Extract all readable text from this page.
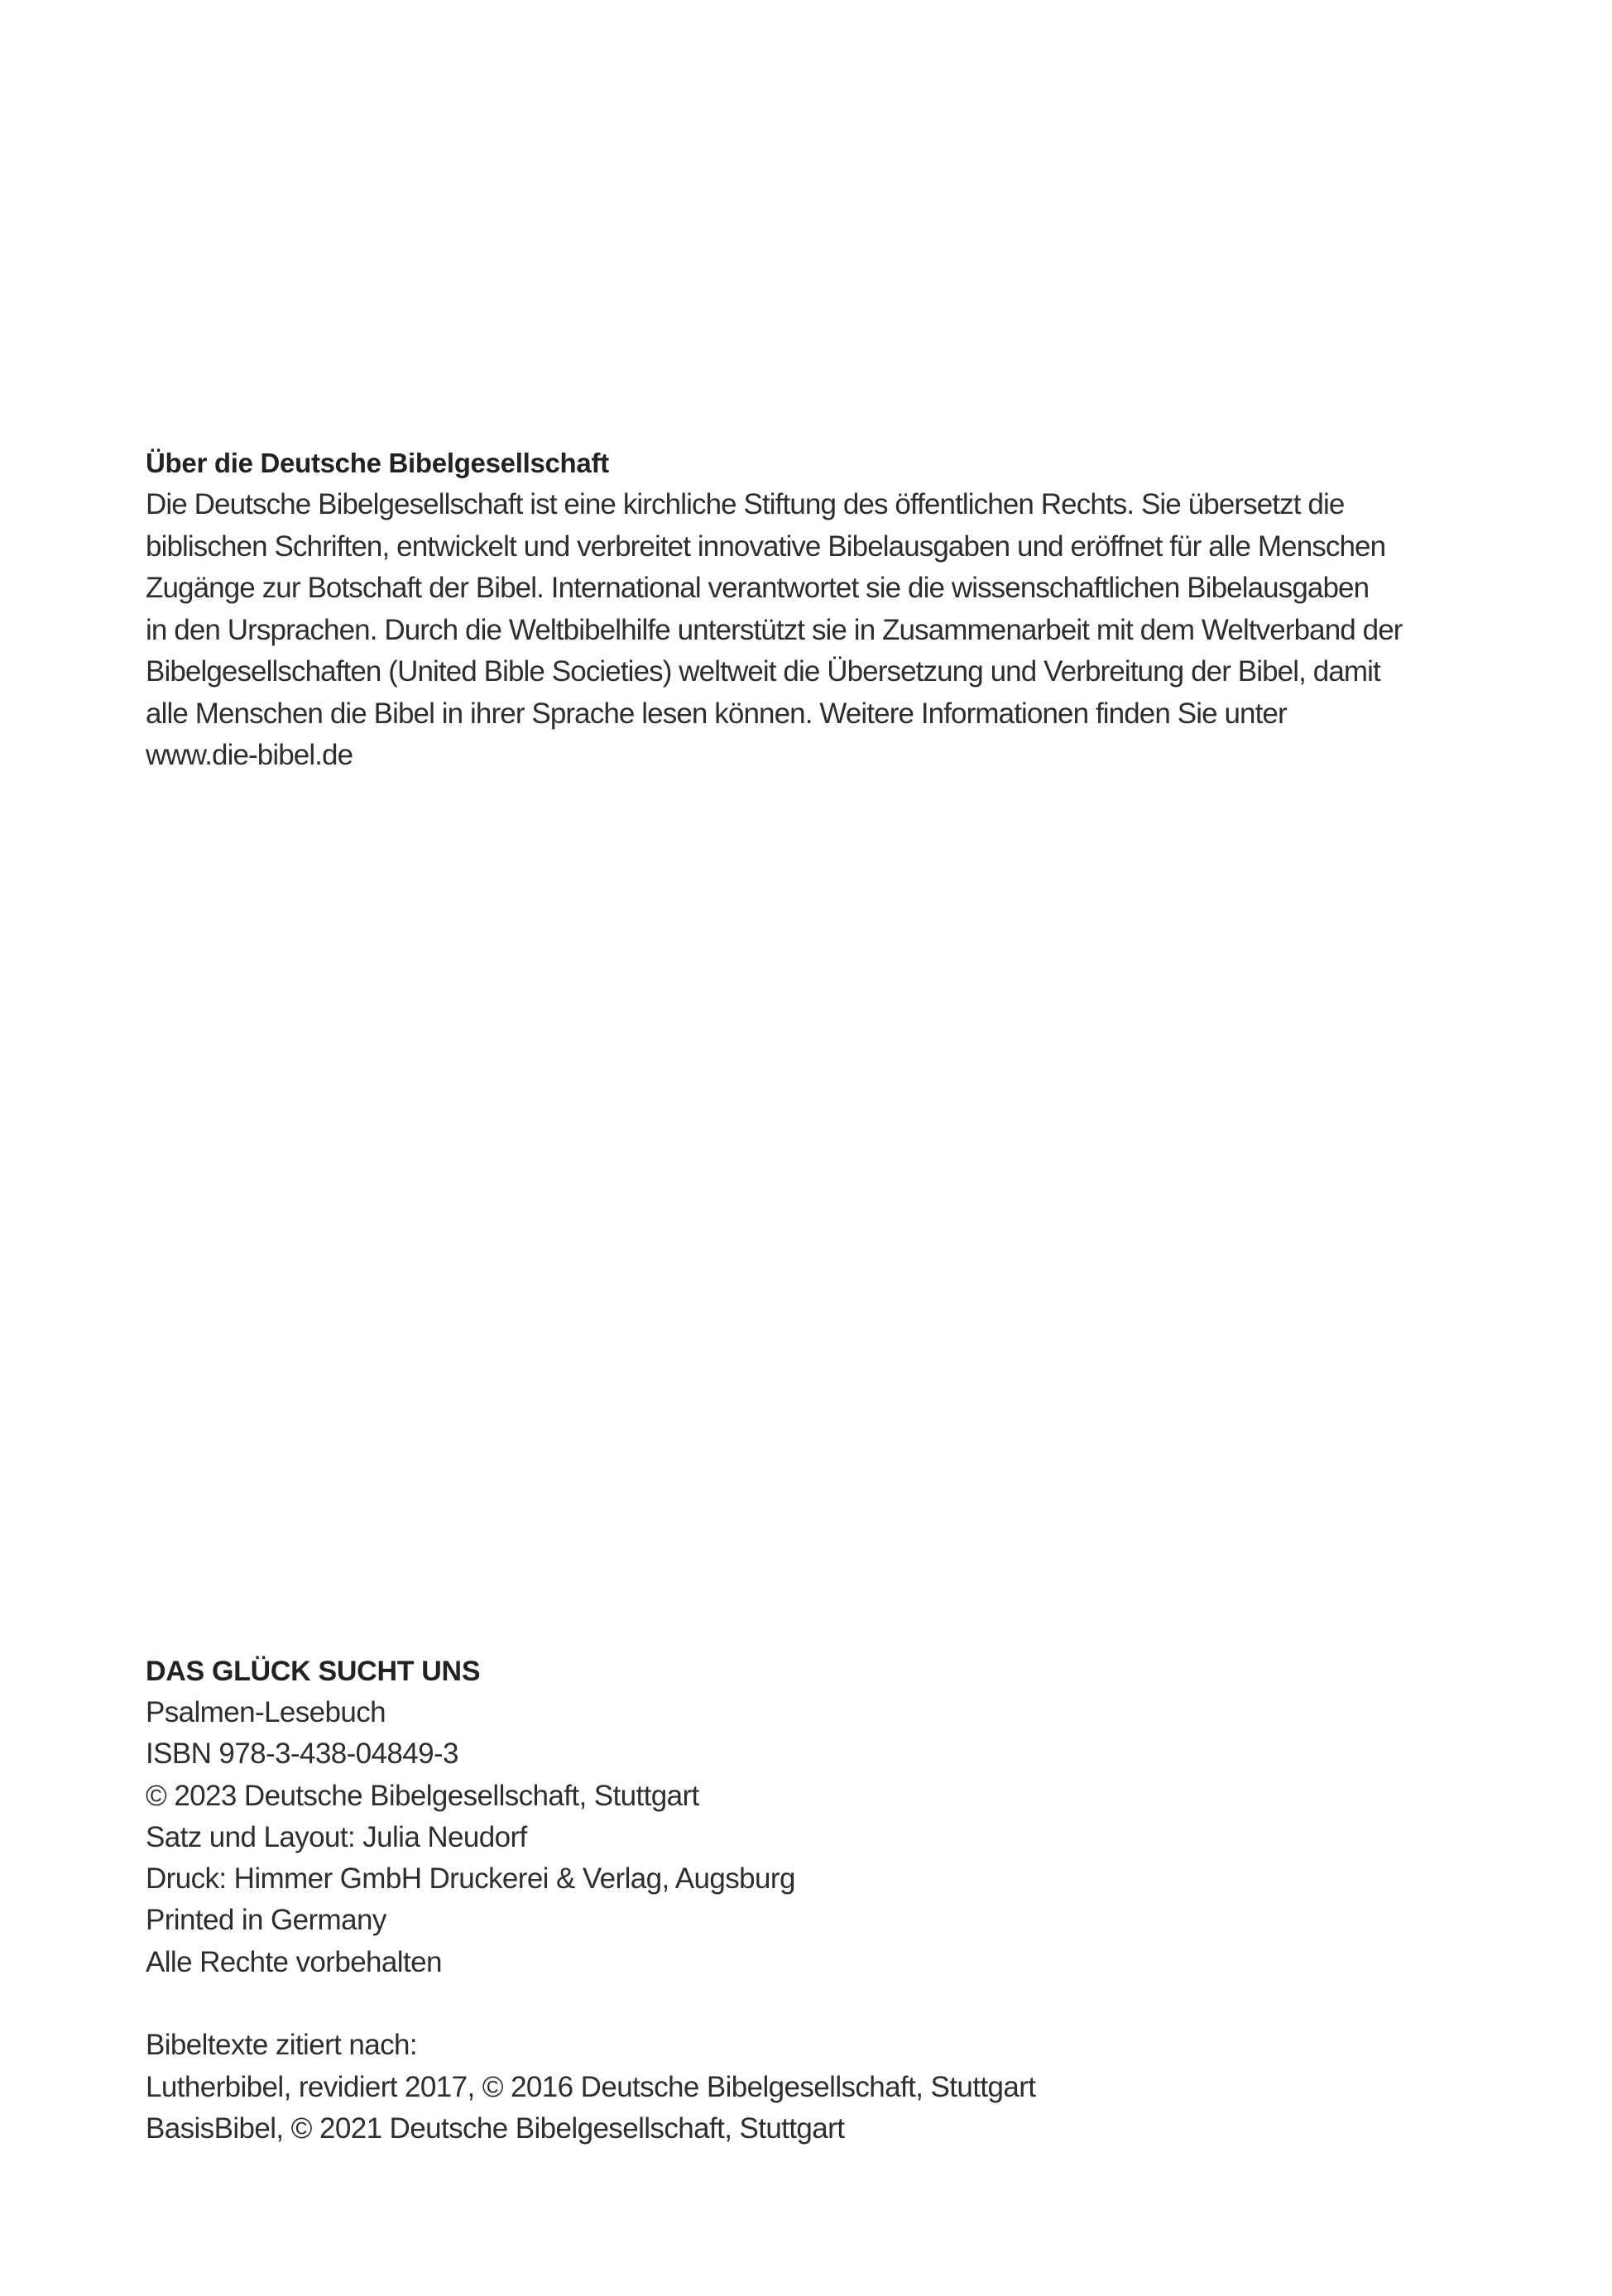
Über die Deutsche Bibelgesellschaft
Die Deutsche Bibelgesellschaft ist eine kirchliche Stiftung des öffentlichen Rechts. Sie übersetzt die
biblischen Schriften, entwickelt und verbreitet innovative Bibelausgaben und eröffnet für alle Menschen
Zugänge zur Botschaft der Bibel. International verantwortet sie die wissenschaftlichen Bibelausgaben
in den Ursprachen. Durch die Weltbibelhilfe unterstützt sie in Zusammenarbeit mit dem Weltverband der
Bibelgesellschaften (United Bible Societies) weltweit die Übersetzung und Verbreitung der Bibel, damit
alle Menschen die Bibel in ihrer Sprache lesen können. Weitere Informationen finden Sie unter
www.die-bibel.de
DAS GLÜCK SUCHT UNS
Psalmen-Lesebuch
ISBN 978-3-438-04849-3
© 2023 Deutsche Bibelgesellschaft, Stuttgart
Satz und Layout: Julia Neudorf
Druck: Himmer GmbH Druckerei & Verlag, Augsburg
Printed in Germany
Alle Rechte vorbehalten
Bibeltexte zitiert nach:
Lutherbibel, revidiert 2017, © 2016 Deutsche Bibelgesellschaft, Stuttgart
BasisBibel, © 2021 Deutsche Bibelgesellschaft, Stuttgart
